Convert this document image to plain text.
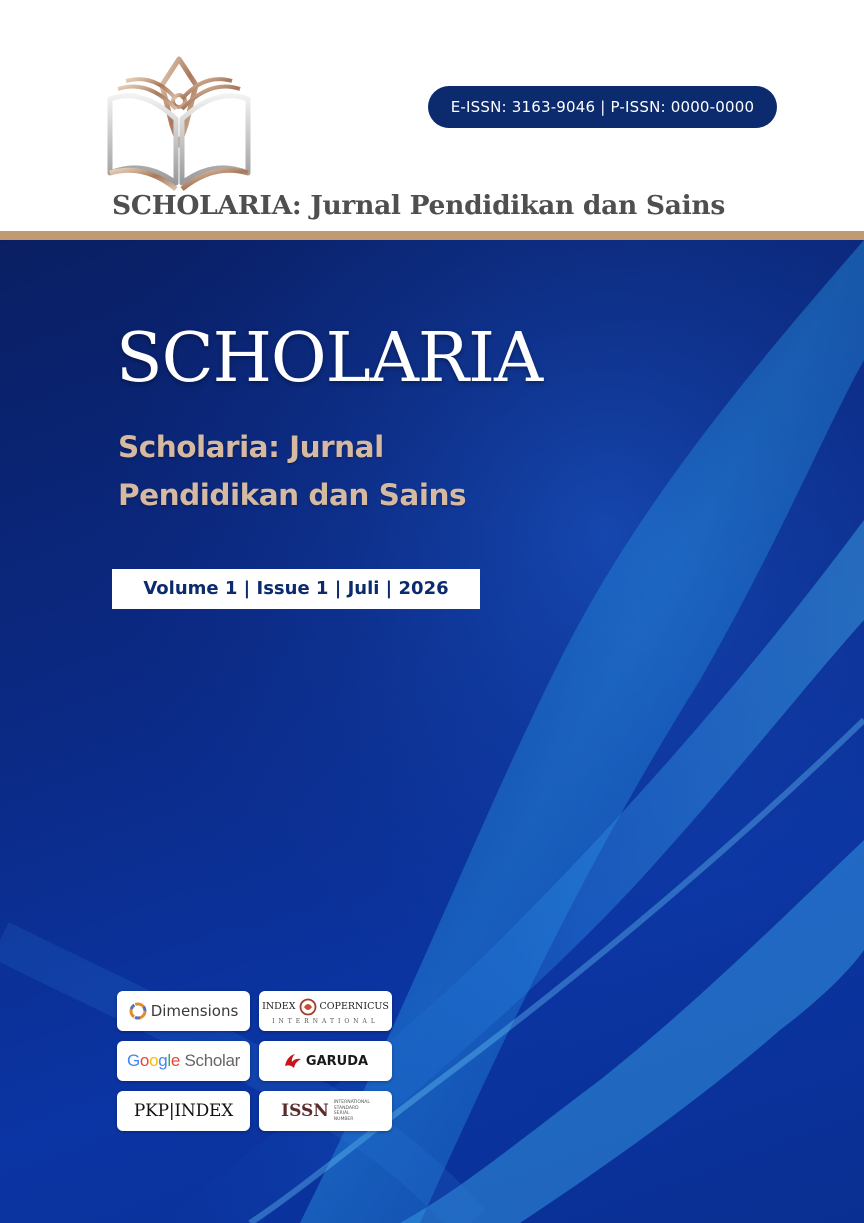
E-ISSN: 3163-9046 | P-ISSN: 0000-0000
SCHOLARIA: Jurnal Pendidikan dan Sains
SCHOLARIA
Scholaria: Jurnal
Pendidikan dan Sains
Volume 1 | Issue 1 | Juli | 2026
Dimensions	INDEX	COPERNICUS
INTERNATIONAL
Google Scholar	GARUDA
PKP|INDEX	ISSN INTERNATIONAL
STANDARD
SERIAL
NUMBER
